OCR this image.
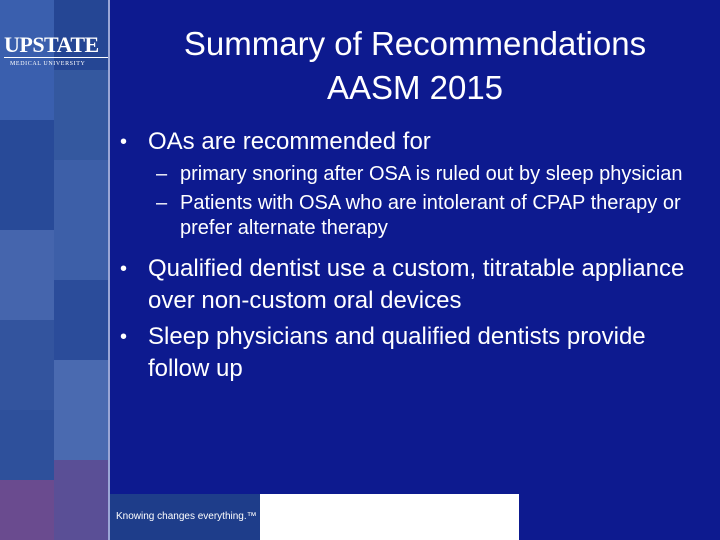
UPSTATE
MEDICAL UNIVERSITY
Summary of Recommendations
AASM 2015
• OAs are recommended for
– primary snoring after OSA is ruled out by sleep physician
– Patients with OSA who are intolerant of CPAP therapy or prefer alternate therapy
• Qualified dentist use a custom, titratable appliance over non-custom oral devices
• Sleep physicians and qualified dentists provide follow up
Knowing changes everything.™
